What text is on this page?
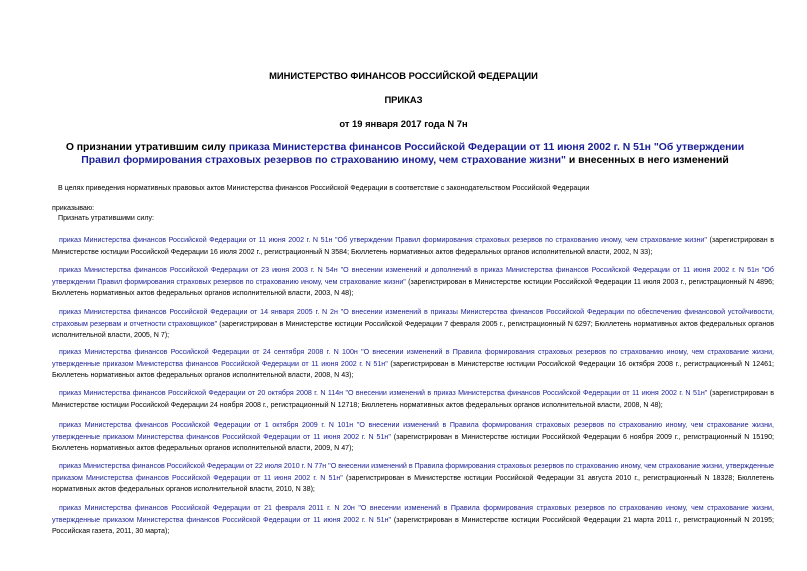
МИНИСТЕРСТВО ФИНАНСОВ РОССИЙСКОЙ ФЕДЕРАЦИИ
ПРИКАЗ
от 19 января 2017 года N 7н
О признании утратившим силу приказа Министерства финансов Российской Федерации от 11 июня 2002 г. N 51н "Об утверждении Правил формирования страховых резервов по страхованию иному, чем страхование жизни" и внесенных в него изменений
В целях приведения нормативных правовых актов Министерства финансов Российской Федерации в соответствие с законодательством Российской Федерации
приказываю:
Признать утратившими силу:
приказ Министерства финансов Российской Федерации от 11 июня 2002 г. N 51н "Об утверждении Правил формирования страховых резервов по страхованию иному, чем страхование жизни" (зарегистрирован в Министерстве юстиции Российской Федерации 16 июля 2002 г., регистрационный N 3584; Бюллетень нормативных актов федеральных органов исполнительной власти, 2002, N 33);
приказ Министерства финансов Российской Федерации от 23 июня 2003 г. N 54н "О внесении изменений и дополнений в приказ Министерства финансов Российской Федерации от 11 июня 2002 г. N 51н "Об утверждении Правил формирования страховых резервов по страхованию иному, чем страхование жизни" (зарегистрирован в Министерстве юстиции Российской Федерации 11 июля 2003 г., регистрационный N 4896; Бюллетень нормативных актов федеральных органов исполнительной власти, 2003, N 48);
приказ Министерства финансов Российской Федерации от 14 января 2005 г. N 2н "О внесении изменений в приказы Министерства финансов Российской Федерации по обеспечению финансовой устойчивости, страховым резервам и отчетности страховщиков" (зарегистрирован в Министерстве юстиции Российской Федерации 7 февраля 2005 г., регистрационный N 6297; Бюллетень нормативных актов федеральных органов исполнительной власти, 2005, N 7);
приказ Министерства финансов Российской Федерации от 24 сентября 2008 г. N 100н "О внесении изменений в Правила формирования страховых резервов по страхованию иному, чем страхование жизни, утвержденные приказом Министерства финансов Российской Федерации от 11 июня 2002 г. N 51н" (зарегистрирован в Министерстве юстиции Российской Федерации 16 октября 2008 г., регистрационный N 12461; Бюллетень нормативных актов федеральных органов исполнительной власти, 2008, N 43);
приказ Министерства финансов Российской Федерации от 20 октября 2008 г. N 114н "О внесении изменений в приказ Министерства финансов Российской Федерации от 11 июня 2002 г. N 51н" (зарегистрирован в Министерстве юстиции Российской Федерации 24 ноября 2008 г., регистрационный N 12718; Бюллетень нормативных актов федеральных органов исполнительной власти, 2008, N 48);
приказ Министерства финансов Российской Федерации от 1 октября 2009 г. N 101н "О внесении изменений в Правила формирования страховых резервов по страхованию иному, чем страхование жизни, утвержденные приказом Министерства финансов Российской Федерации от 11 июня 2002 г. N 51н" (зарегистрирован в Министерстве юстиции Российской Федерации 6 ноября 2009 г., регистрационный N 15190; Бюллетень нормативных актов федеральных органов исполнительной власти, 2009, N 47);
приказ Министерства финансов Российской Федерации от 22 июля 2010 г. N 77н "О внесении изменений в Правила формирования страховых резервов по страхованию иному, чем страхование жизни, утвержденные приказом Министерства финансов Российской Федерации от 11 июня 2002 г. N 51н" (зарегистрирован в Министерстве юстиции Российской Федерации 31 августа 2010 г., регистрационный N 18328; Бюллетень нормативных актов федеральных органов исполнительной власти, 2010, N 38);
приказ Министерства финансов Российской Федерации от 21 февраля 2011 г. N 20н "О внесении изменений в Правила формирования страховых резервов по страхованию иному, чем страхование жизни, утвержденные приказом Министерства финансов Российской Федерации от 11 июня 2002 г. N 51н" (зарегистрирован в Министерстве юстиции Российской Федерации 21 марта 2011 г., регистрационный N 20195; Российская газета, 2011, 30 марта);
